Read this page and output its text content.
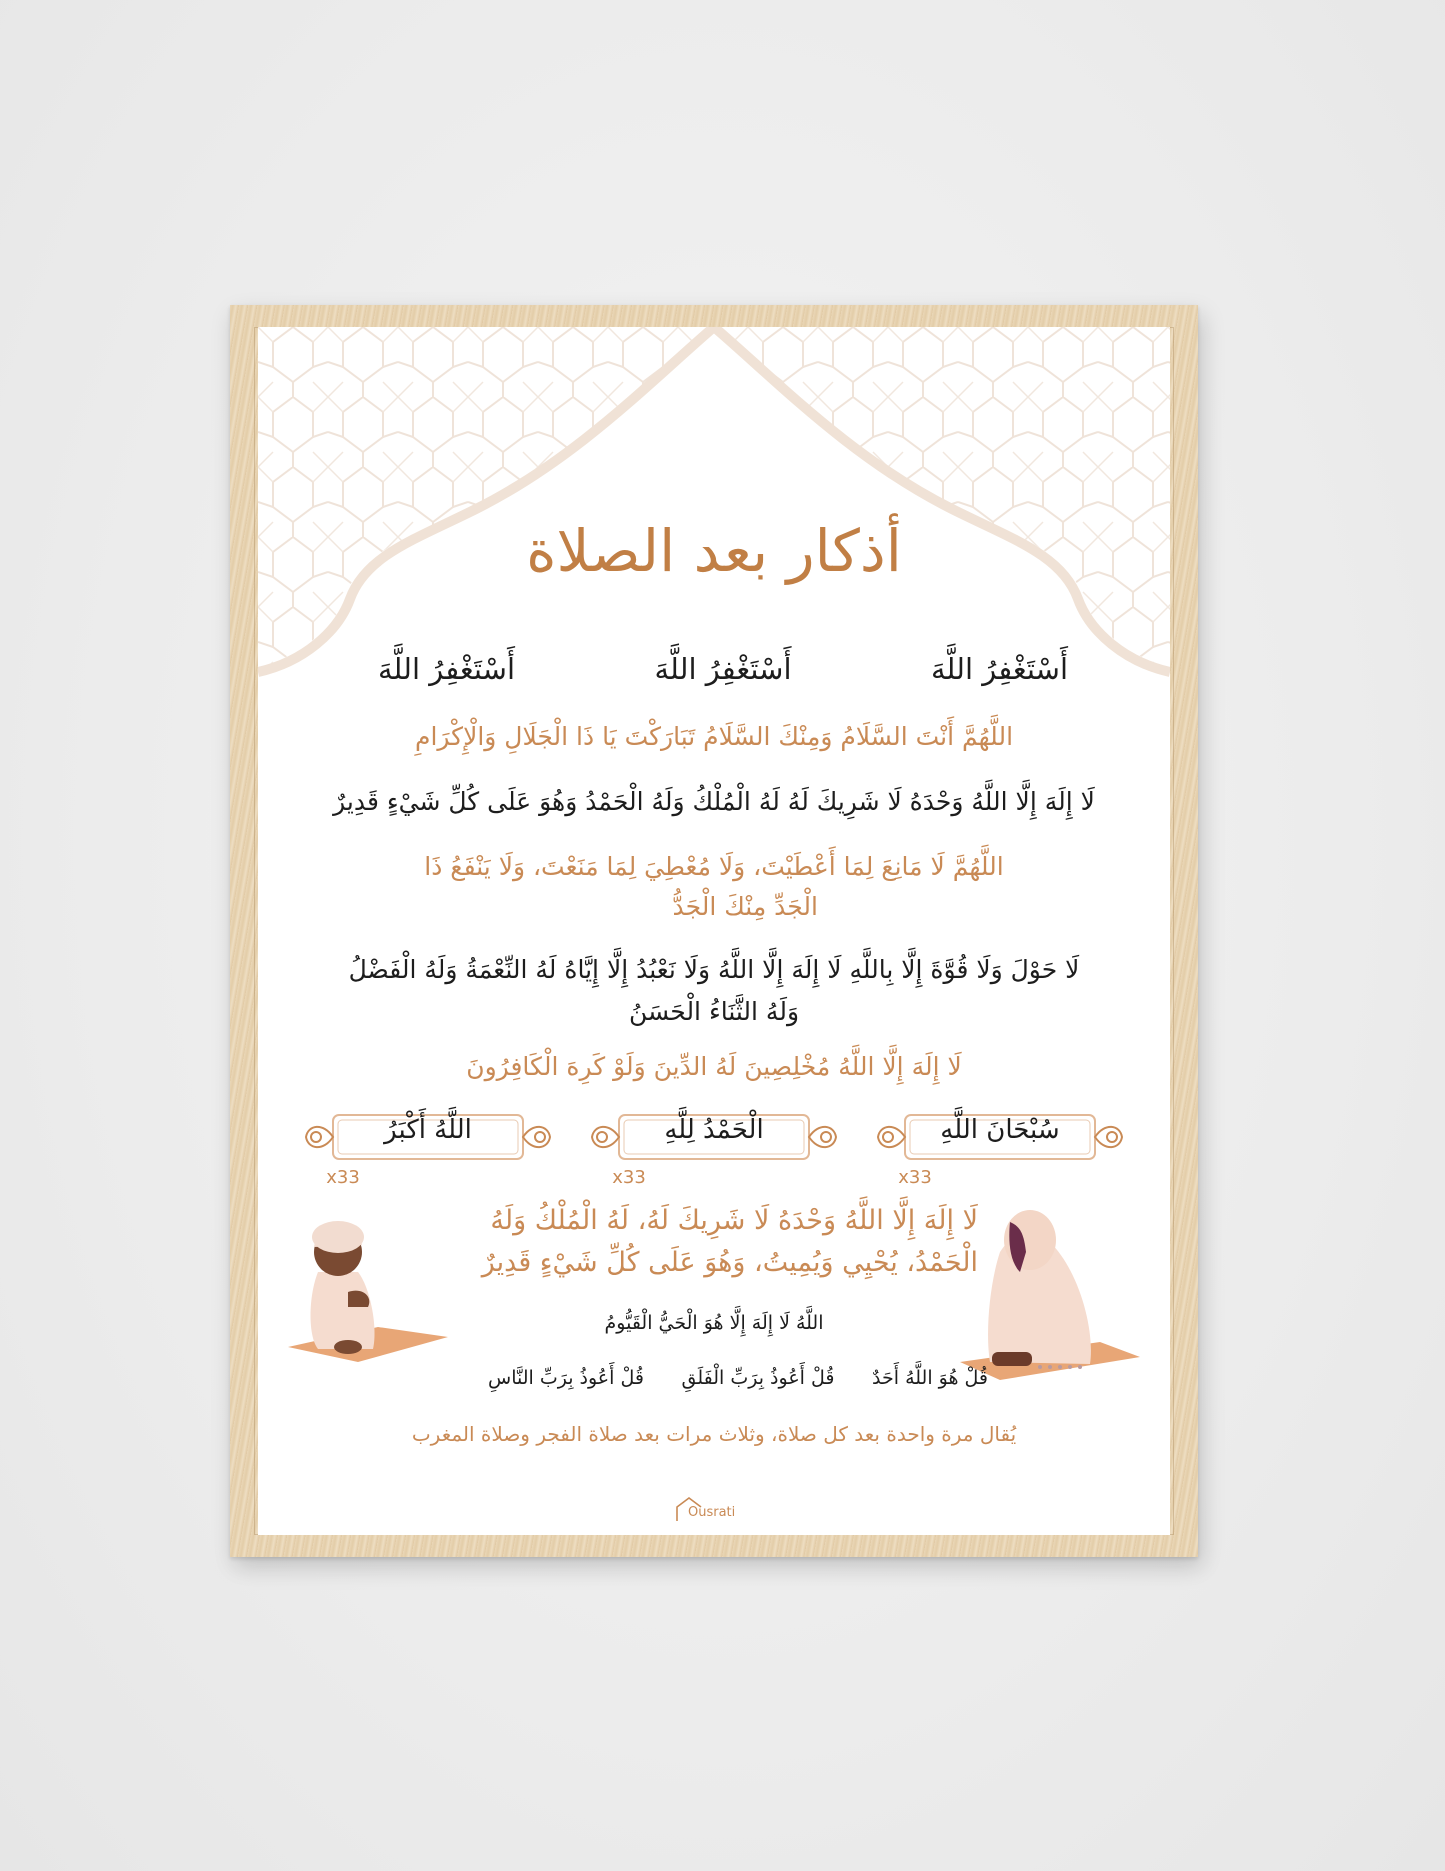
أذكار بعد الصلاة
أَسْتَغْفِرُ اللَّهَ
أَسْتَغْفِرُ اللَّهَ
أَسْتَغْفِرُ اللَّهَ
اللَّهُمَّ أَنْتَ السَّلَامُ وَمِنْكَ السَّلَامُ تَبَارَكْتَ يَا ذَا الْجَلَالِ وَالْإِكْرَامِ
لَا إِلَهَ إِلَّا اللَّهُ وَحْدَهُ لَا شَرِيكَ لَهُ لَهُ الْمُلْكُ وَلَهُ الْحَمْدُ وَهُوَ عَلَى كُلِّ شَيْءٍ قَدِيرٌ
اللَّهُمَّ لَا مَانِعَ لِمَا أَعْطَيْتَ، وَلَا مُعْطِيَ لِمَا مَنَعْتَ، وَلَا يَنْفَعُ ذَا
الْجَدِّ مِنْكَ الْجَدُّ
لَا حَوْلَ وَلَا قُوَّةَ إِلَّا بِاللَّهِ لَا إِلَهَ إِلَّا اللَّهُ وَلَا نَعْبُدُ إِلَّا إِيَّاهُ لَهُ النِّعْمَةُ وَلَهُ الْفَضْلُ
وَلَهُ الثَّنَاءُ الْحَسَنُ
لَا إِلَهَ إِلَّا اللَّهُ مُخْلِصِينَ لَهُ الدِّينَ وَلَوْ كَرِهَ الْكَافِرُونَ
سُبْحَانَ اللَّهِ
x33
الْحَمْدُ لِلَّهِ
x33
اللَّهُ أَكْبَرُ
x33
لَا إِلَهَ إِلَّا اللَّهُ وَحْدَهُ لَا شَرِيكَ لَهُ، لَهُ الْمُلْكُ وَلَهُ
الْحَمْدُ، يُحْيِي وَيُمِيتُ، وَهُوَ عَلَى كُلِّ شَيْءٍ قَدِيرٌ
اللَّهُ لَا إِلَهَ إِلَّا هُوَ الْحَيُّ الْقَيُّومُ
قُلْ هُوَ اللَّهُ أَحَدٌ
قُلْ أَعُوذُ بِرَبِّ الْفَلَقِ
قُلْ أَعُوذُ بِرَبِّ النَّاسِ
يُقال مرة واحدة بعد كل صلاة، وثلاث مرات بعد صلاة الفجر وصلاة المغرب
Ousrati
